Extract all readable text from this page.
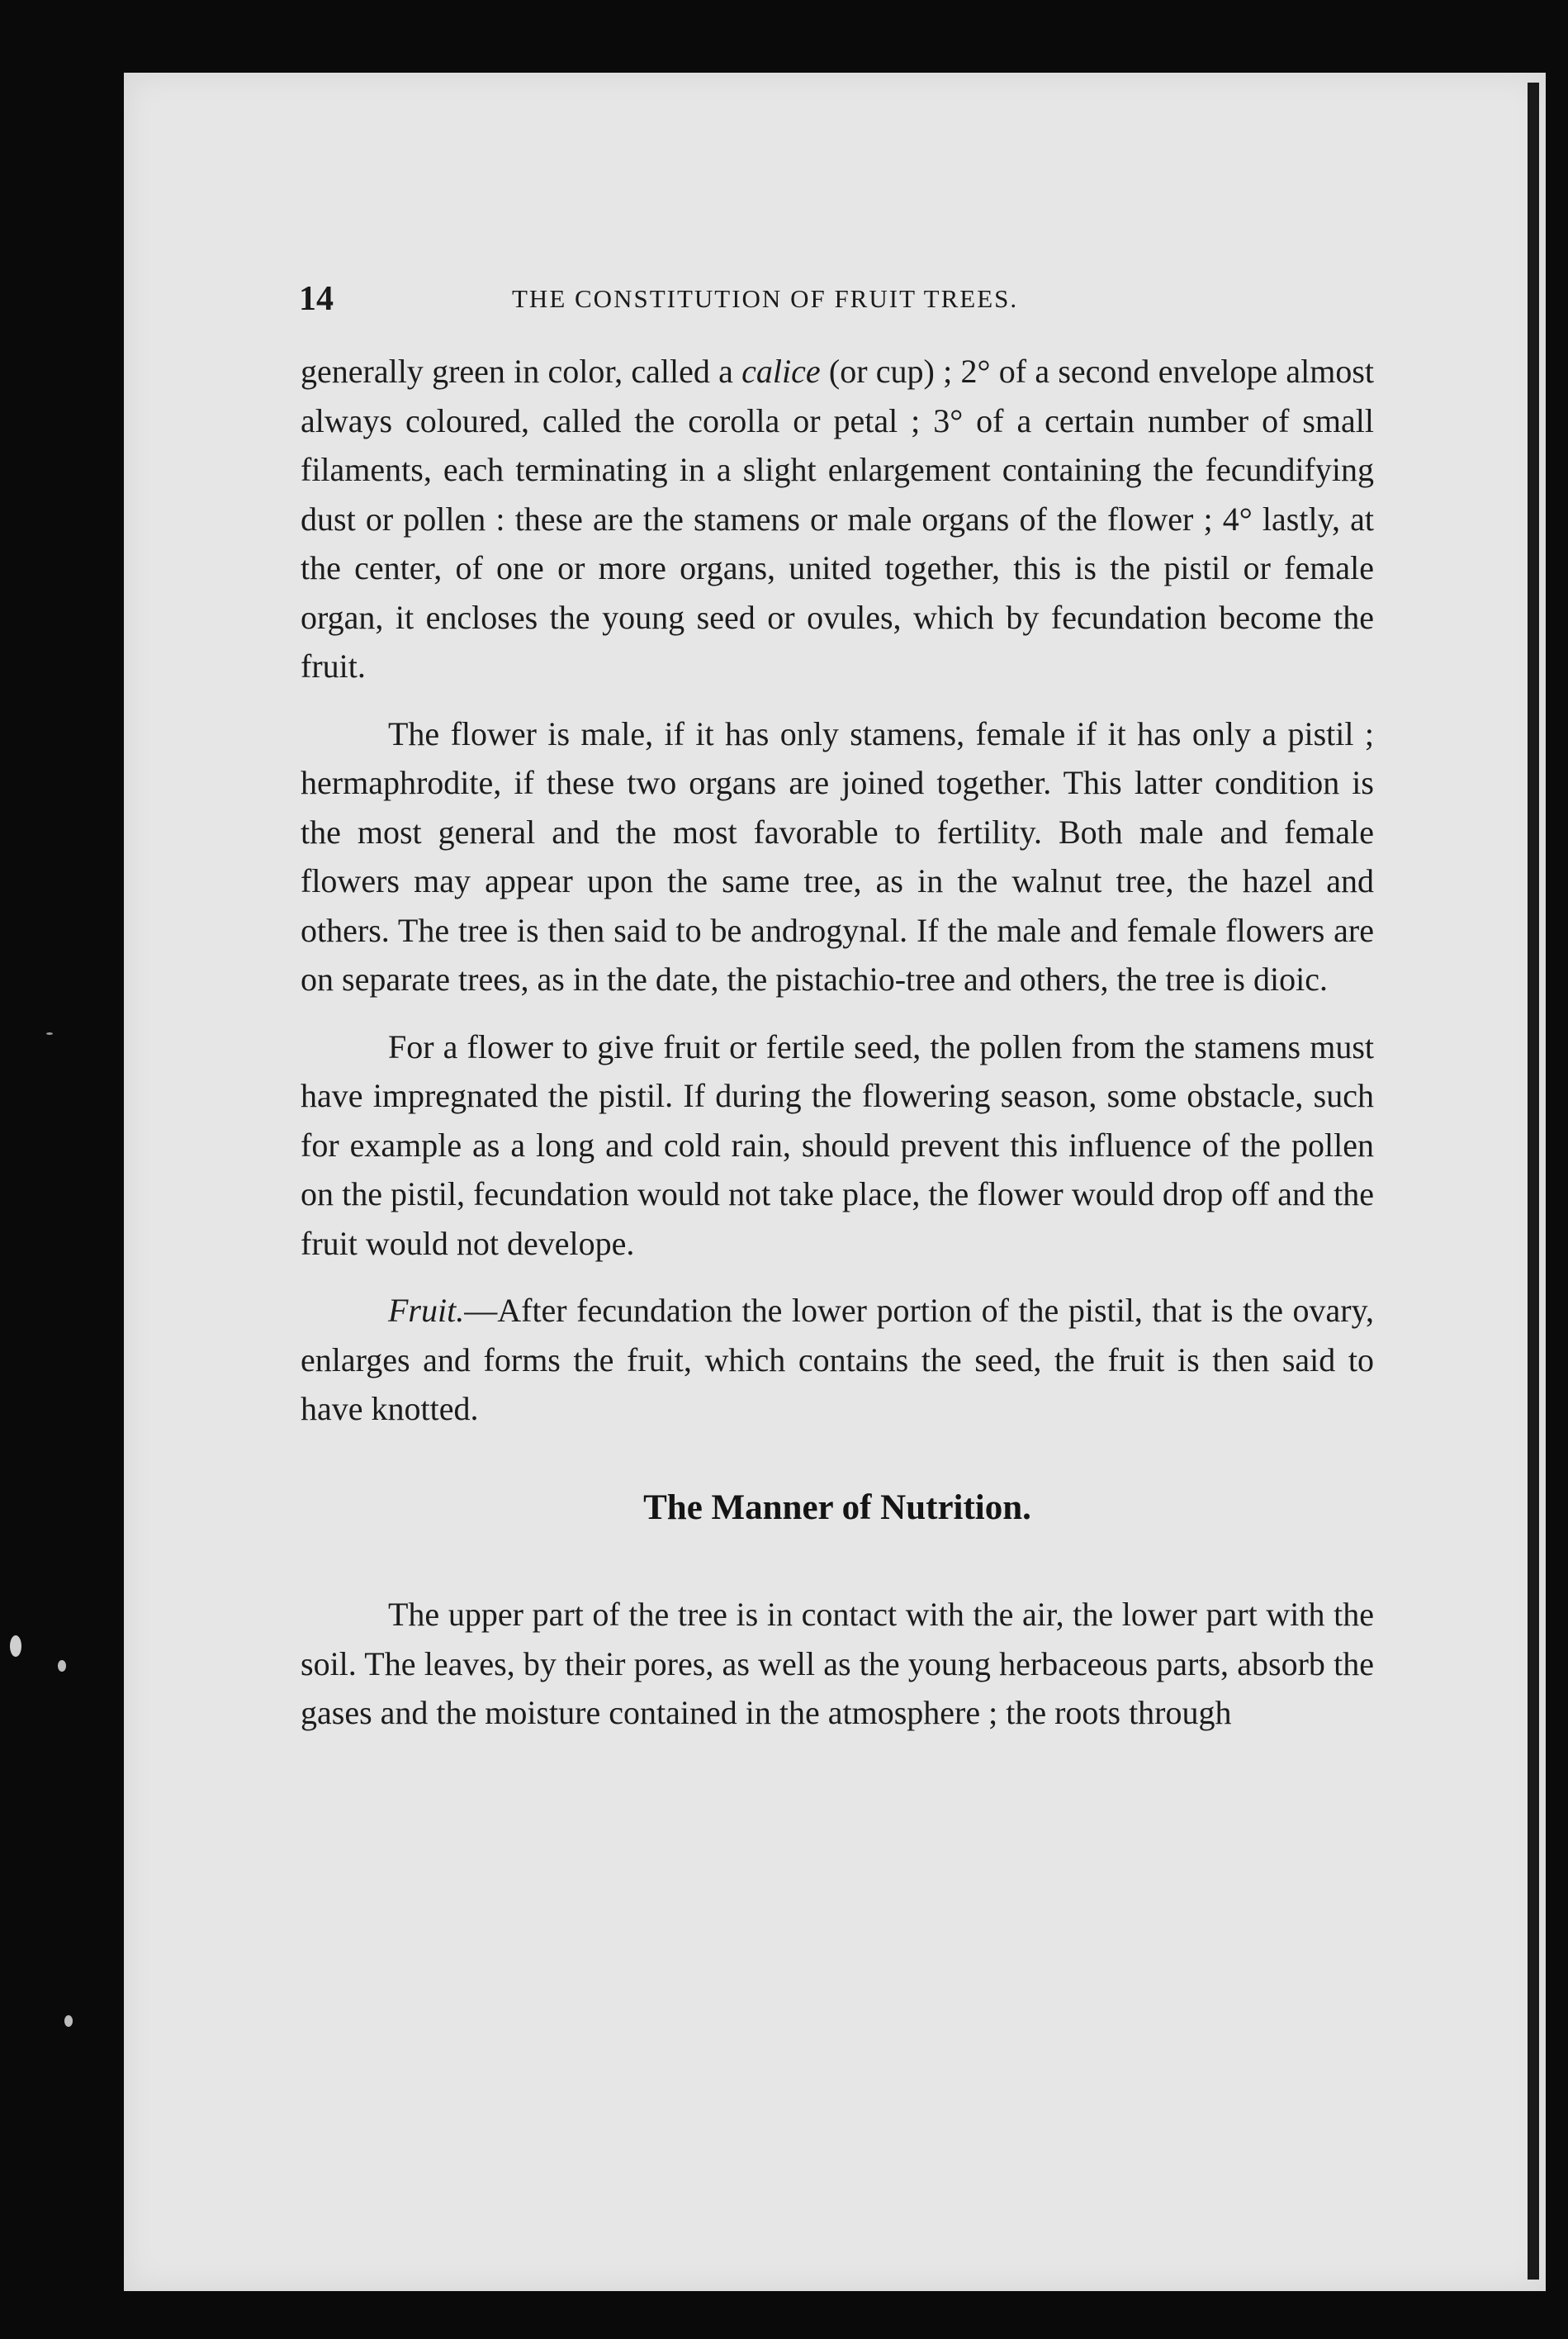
14	THE CONSTITUTION OF FRUIT TREES.

generally green in color, called a calice (or cup) ; 2° of a second envelope almost always coloured, called the corolla or petal ; 3° of a certain number of small filaments, each terminating in a slight enlargement containing the fecundifying dust or pollen : these are the stamens or male organs of the flower ; 4° lastly, at the center, of one or more organs, united together, this is the pistil or female organ, it encloses the young seed or ovules, which by fecundation become the fruit.

The flower is male, if it has only stamens, female if it has only a pistil ; hermaphrodite, if these two organs are joined together. This latter condition is the most general and the most favorable to fertility. Both male and female flowers may appear upon the same tree, as in the walnut tree, the hazel and others. The tree is then said to be androgynal. If the male and female flowers are on separate trees, as in the date, the pistachio-tree and others, the tree is dioic.

For a flower to give fruit or fertile seed, the pollen from the stamens must have impregnated the pistil. If during the flowering season, some obstacle, such for example as a long and cold rain, should prevent this influence of the pollen on the pistil, fecundation would not take place, the flower would drop off and the fruit would not develope.

Fruit.—After fecundation the lower portion of the pistil, that is the ovary, enlarges and forms the fruit, which contains the seed, the fruit is then said to have knotted.

The Manner of Nutrition.

The upper part of the tree is in contact with the air, the lower part with the soil. The leaves, by their pores, as well as the young herbaceous parts, absorb the gases and the moisture contained in the atmosphere ; the roots through
